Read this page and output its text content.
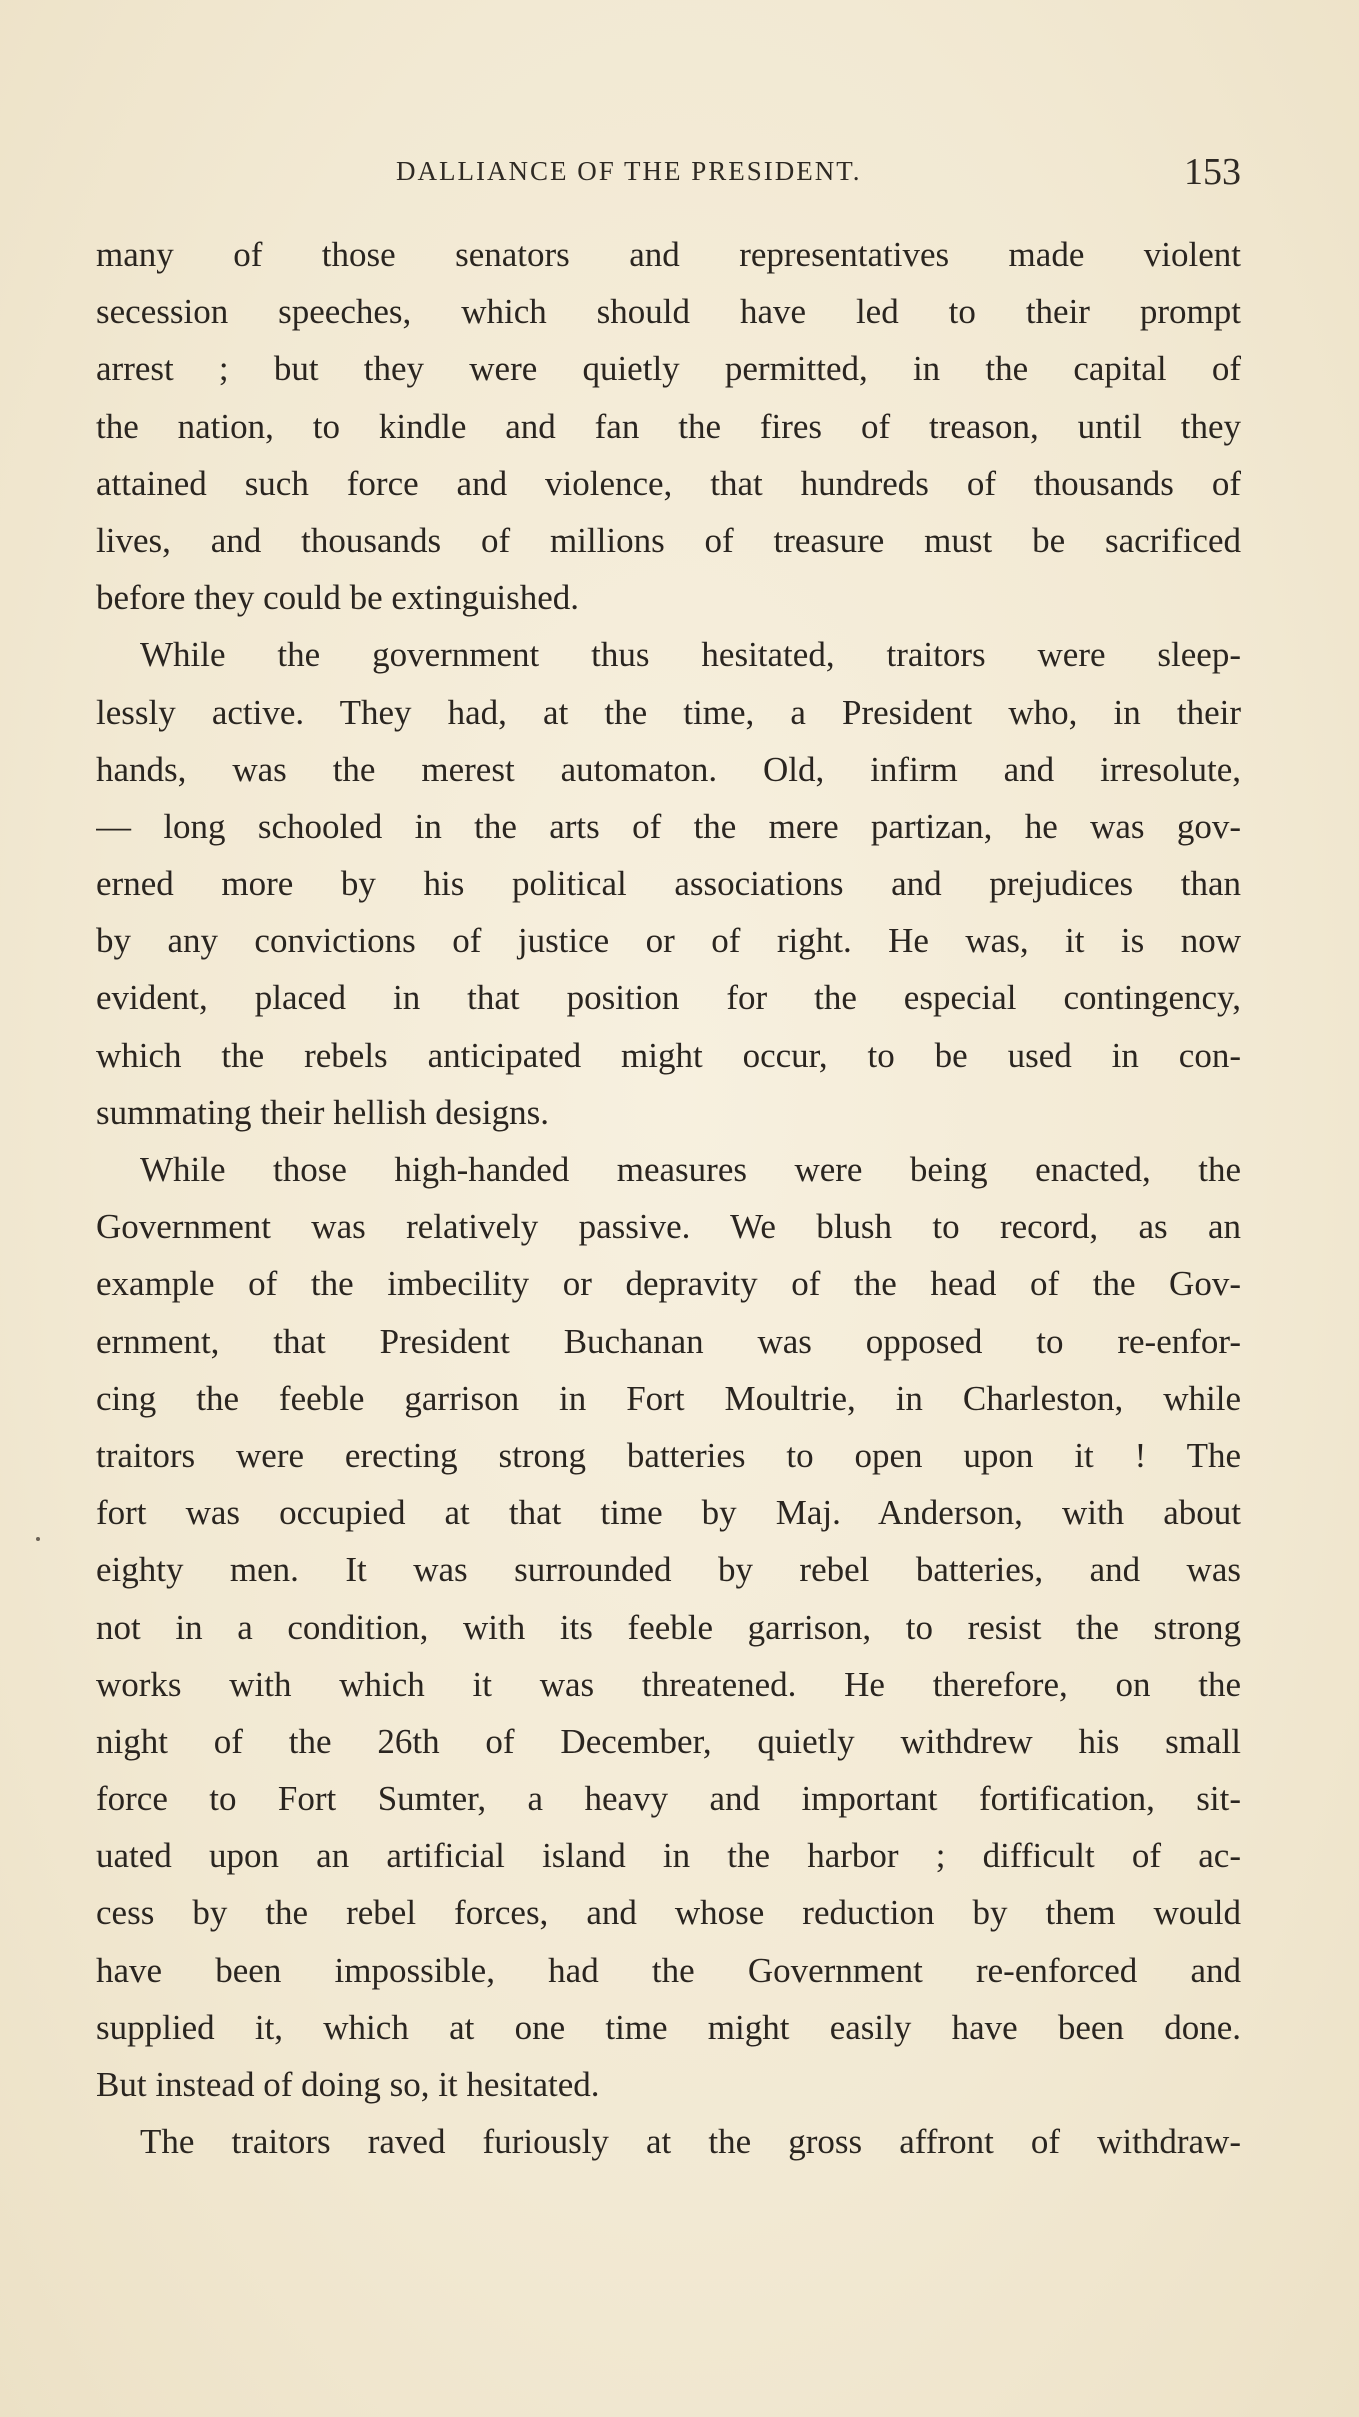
DALLIANCE OF THE PRESIDENT.	153
many of those senators and representatives made violent
secession speeches, which should have led to their prompt
arrest ; but they were quietly permitted, in the capital of
the nation, to kindle and fan the fires of treason, until they
attained such force and violence, that hundreds of thousands of
lives, and thousands of millions of treasure must be sacrificed
before they could be extinguished.
While the government thus hesitated, traitors were sleep-
lessly active. They had, at the time, a President who, in their
hands, was the merest automaton. Old, infirm and irresolute,
— long schooled in the arts of the mere partizan, he was gov-
erned more by his political associations and prejudices than
by any convictions of justice or of right. He was, it is now
evident, placed in that position for the especial contingency,
which the rebels anticipated might occur, to be used in con-
summating their hellish designs.
While those high-handed measures were being enacted, the
Government was relatively passive. We blush to record, as an
example of the imbecility or depravity of the head of the Gov-
ernment, that President Buchanan was opposed to re-enfor-
cing the feeble garrison in Fort Moultrie, in Charleston, while
traitors were erecting strong batteries to open upon it ! The
fort was occupied at that time by Maj. Anderson, with about
eighty men. It was surrounded by rebel batteries, and was
not in a condition, with its feeble garrison, to resist the strong
works with which it was threatened. He therefore, on the
night of the 26th of December, quietly withdrew his small
force to Fort Sumter, a heavy and important fortification, sit-
uated upon an artificial island in the harbor ; difficult of ac-
cess by the rebel forces, and whose reduction by them would
have been impossible, had the Government re-enforced and
supplied it, which at one time might easily have been done.
But instead of doing so, it hesitated.
The traitors raved furiously at the gross affront of withdraw-
